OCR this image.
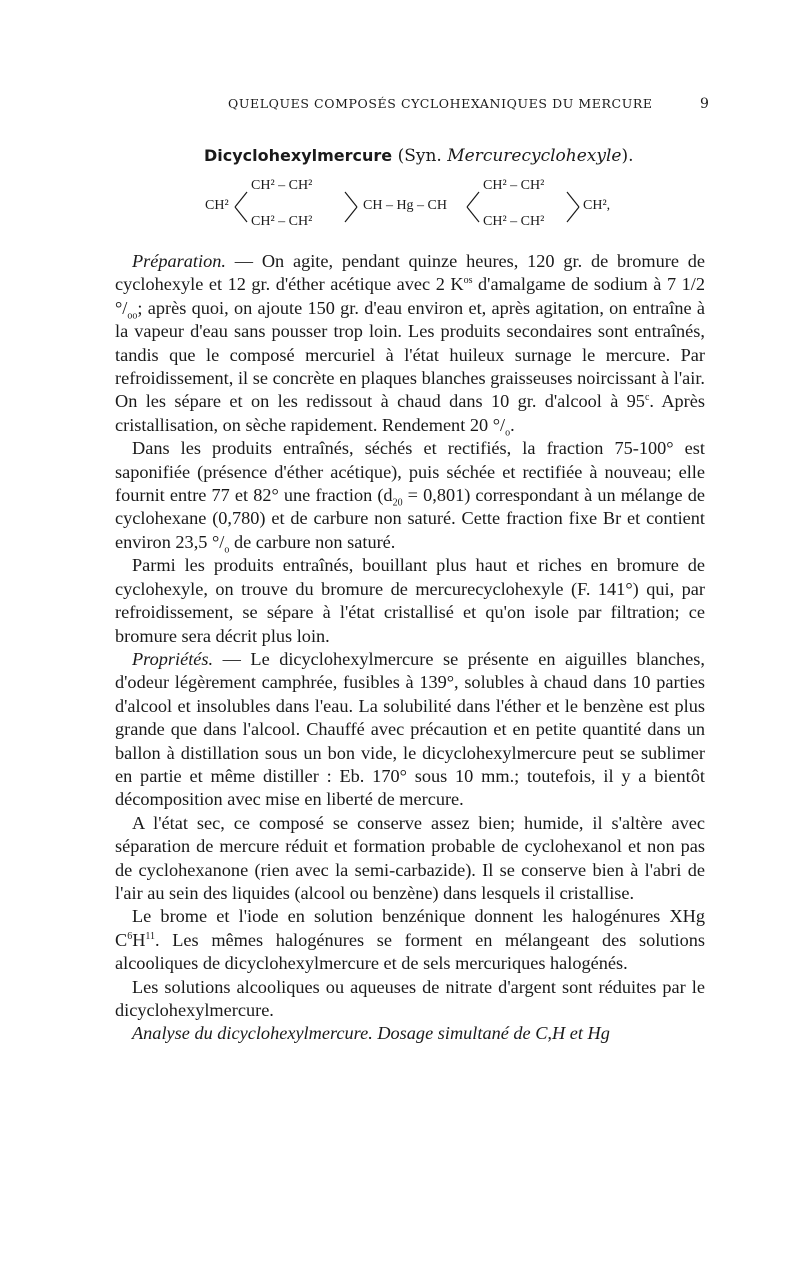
QUELQUES COMPOSÉS CYCLOHEXANIQUES DU MERCURE	9
Dicyclohexylmercure (Syn. Mercurecyclohexyle).
CH²
CH² – CH²
CH² – CH²
CH – Hg – CH
CH² – CH²
CH² – CH²
CH²,

Préparation. — On agite, pendant quinze heures, 120 gr. de bromure de cyclohexyle et 12 gr. d'éther acétique avec 2 $K^{os}$ d'amalgame de sodium à 7 1/2 $^\circ/_{oo}$; après quoi, on ajoute 150 gr. d'eau environ et, après agitation, on entraîne à la vapeur d'eau sans pousser trop loin. Les produits secondaires sont entraînés, tandis que le composé mercuriel à l'état huileux surnage le mercure. Par refroidissement, il se concrète en plaques blanches graisseuses noircissant à l'air. On les sépare et on les redissout à chaud dans 10 gr. d'alcool à 95$^c$. Après cristallisation, on sèche rapidement. Rendement 20 $^\circ/_o$.

Dans les produits entraînés, séchés et rectifiés, la fraction 75-100° est saponifiée (présence d'éther acétique), puis séchée et rectifiée à nouveau; elle fournit entre 77 et 82° une fraction $(d_{20} = 0,801)$ correspondant à un mélange de cyclohexane (0,780) et de carbure non saturé. Cette fraction fixe Br et contient environ 23,5 $^\circ/_o$ de carbure non saturé.

Parmi les produits entraînés, bouillant plus haut et riches en bromure de cyclohexyle, on trouve du bromure de mercurecyclohexyle (F. 141°) qui, par refroidissement, se sépare à l'état cristallisé et qu'on isole par filtration; ce bromure sera décrit plus loin.

Propriétés. — Le dicyclohexylmercure se présente en aiguilles blanches, d'odeur légèrement camphrée, fusibles à 139°, solubles à chaud dans 10 parties d'alcool et insolubles dans l'eau. La solubilité dans l'éther et le benzène est plus grande que dans l'alcool. Chauffé avec précaution et en petite quantité dans un ballon à distillation sous un bon vide, le dicyclohexylmercure peut se sublimer en partie et même distiller : Eb. 170° sous 10 mm.; toutefois, il y a bientôt décomposition avec mise en liberté de mercure.

A l'état sec, ce composé se conserve assez bien; humide, il s'altère avec séparation de mercure réduit et formation probable de cyclohexanol et non pas de cyclohexanone (rien avec la semi-carbazide). Il se conserve bien à l'abri de l'air au sein des liquides (alcool ou benzène) dans lesquels il cristallise.

Le brome et l'iode en solution benzénique donnent les halogénures XHg $C^6H^{11}$. Les mêmes halogénures se forment en mélangeant des solutions alcooliques de dicyclohexylmercure et de sels mercuriques halogénés.

Les solutions alcooliques ou aqueuses de nitrate d'argent sont réduites par le dicyclohexylmercure.

Analyse du dicyclohexylmercure. Dosage simultané de C,H et Hg
